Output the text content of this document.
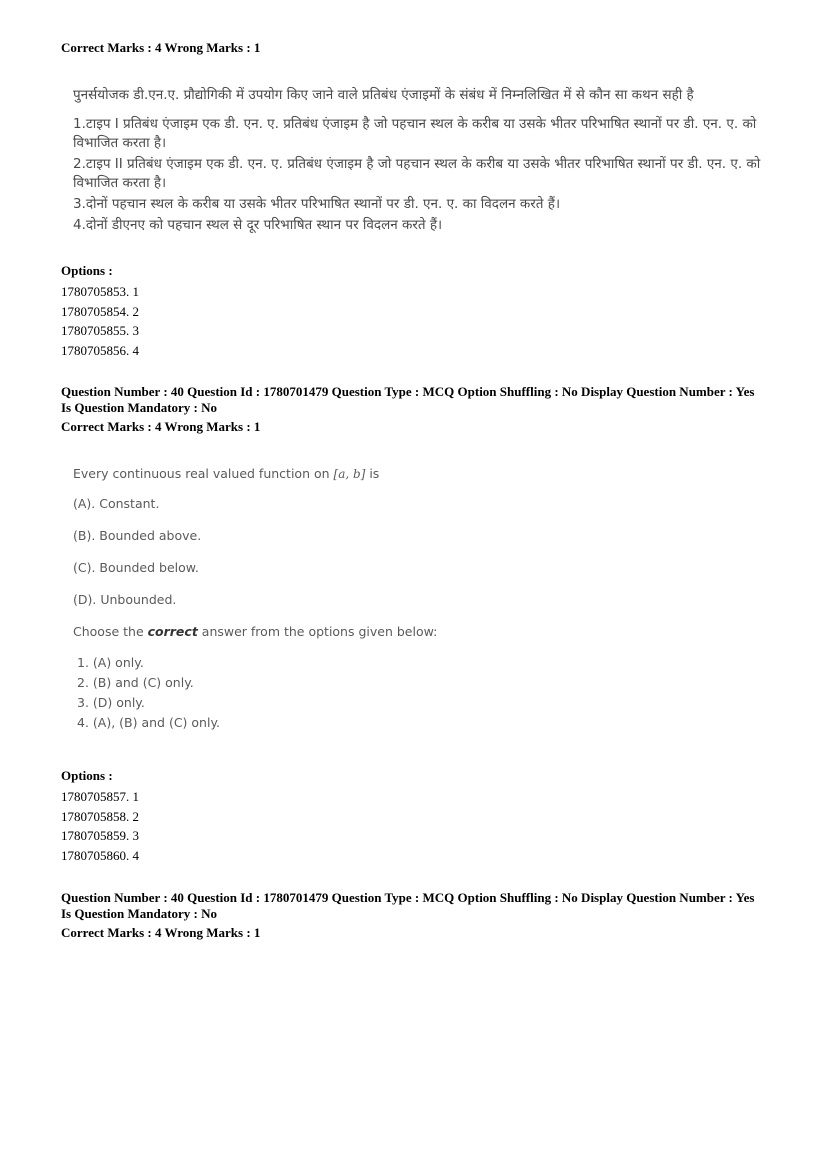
Correct Marks : 4 Wrong Marks : 1
पुनर्सयोजक डी.एन.ए. प्रौद्योगिकी में उपयोग किए जाने वाले प्रतिबंध एंजाइमों के संबंध में निम्नलिखित में से कौन सा कथन सही है
1.टाइप I प्रतिबंध एंजाइम एक डी. एन. ए. प्रतिबंध एंजाइम है जो पहचान स्थल के करीब या उसके भीतर परिभाषित स्थानों पर डी. एन. ए. को विभाजित करता है।
2.टाइप II प्रतिबंध एंजाइम एक डी. एन. ए. प्रतिबंध एंजाइम है जो पहचान स्थल के करीब या उसके भीतर परिभाषित स्थानों पर डी. एन. ए. को विभाजित करता है।
3.दोनों पहचान स्थल के करीब या उसके भीतर परिभाषित स्थानों पर डी. एन. ए. का विदलन करते हैं।
4.दोनों डीएनए को पहचान स्थल से दूर परिभाषित स्थान पर विदलन करते हैं।
Options :
1780705853. 1
1780705854. 2
1780705855. 3
1780705856. 4
Question Number : 40 Question Id : 1780701479 Question Type : MCQ Option Shuffling : No Display Question Number : Yes
Is Question Mandatory : No
Correct Marks : 4 Wrong Marks : 1

Every continuous real valued function on [a, b] is

(A). Constant.

(B). Bounded above.

(C). Bounded below.

(D). Unbounded.

Choose the correct answer from the options given below:

1. (A) only.

2. (B) and (C) only.

3. (D) only.

4. (A), (B) and (C) only.

Options :
1780705857. 1
1780705858. 2
1780705859. 3
1780705860. 4
Question Number : 40 Question Id : 1780701479 Question Type : MCQ Option Shuffling : No Display Question Number : Yes
Is Question Mandatory : No
Correct Marks : 4 Wrong Marks : 1
